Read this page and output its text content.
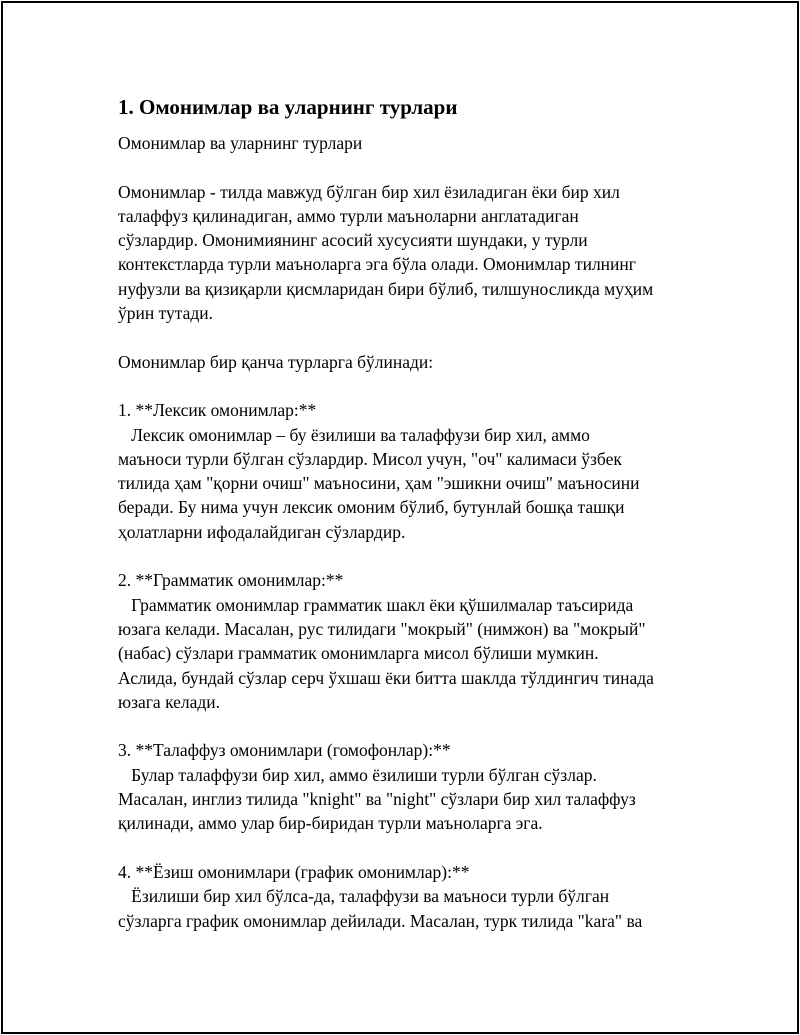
1. Омонимлар ва уларнинг турлари
Омонимлар ва уларнинг турлари
Омонимлар - тилда мавжуд бўлган бир хил ёзиладиган ёки бир хил
талаффуз қилинадиган, аммо турли маъноларни англатадиган
сўзлардир. Омонимиянинг асосий хусусияти шундаки, у турли
контекстларда турли маъноларга эга бўла олади. Омонимлар тилнинг
нуфузли ва қизиқарли қисмларидан бири бўлиб, тилшуносликда муҳим
ўрин тутади.
Омонимлар бир қанча турларга бўлинади:
1. **Лексик омонимлар:**
Лексик омонимлар – бу ёзилиши ва талаффузи бир хил, аммо
маъноси турли бўлган сўзлардир. Мисол учун, "оч" калимаси ўзбек
тилида ҳам "қорни очиш" маъносини, ҳам "эшикни очиш" маъносини
беради. Бу нима учун лексик омоним бўлиб, бутунлай бошқа ташқи
ҳолатларни ифодалайдиган сўзлардир.
2. **Грамматик омонимлар:**
Грамматик омонимлар грамматик шакл ёки қўшилмалар таъсирида
юзага келади. Масалан, рус тилидаги "мокрый" (нимжон) ва "мокрый"
(набас) сўзлари грамматик омонимларга мисол бўлиши мумкин.
Аслида, бундай сўзлар серч ўхшаш ёки битта шаклда тўлдингич тинада
юзага келади.
3. **Талаффуз омонимлари (гомофонлар):**
Булар талаффузи бир хил, аммо ёзилиши турли бўлган сўзлар.
Масалан, инглиз тилида "knight" ва "night" сўзлари бир хил талаффуз
қилинади, аммо улар бир-биридан турли маъноларга эга.
4. **Ёзиш омонимлари (график омонимлар):**
Ёзилиши бир хил бўлса-да, талаффузи ва маъноси турли бўлган
сўзларга график омонимлар дейилади. Масалан, турк тилида "kara" ва
